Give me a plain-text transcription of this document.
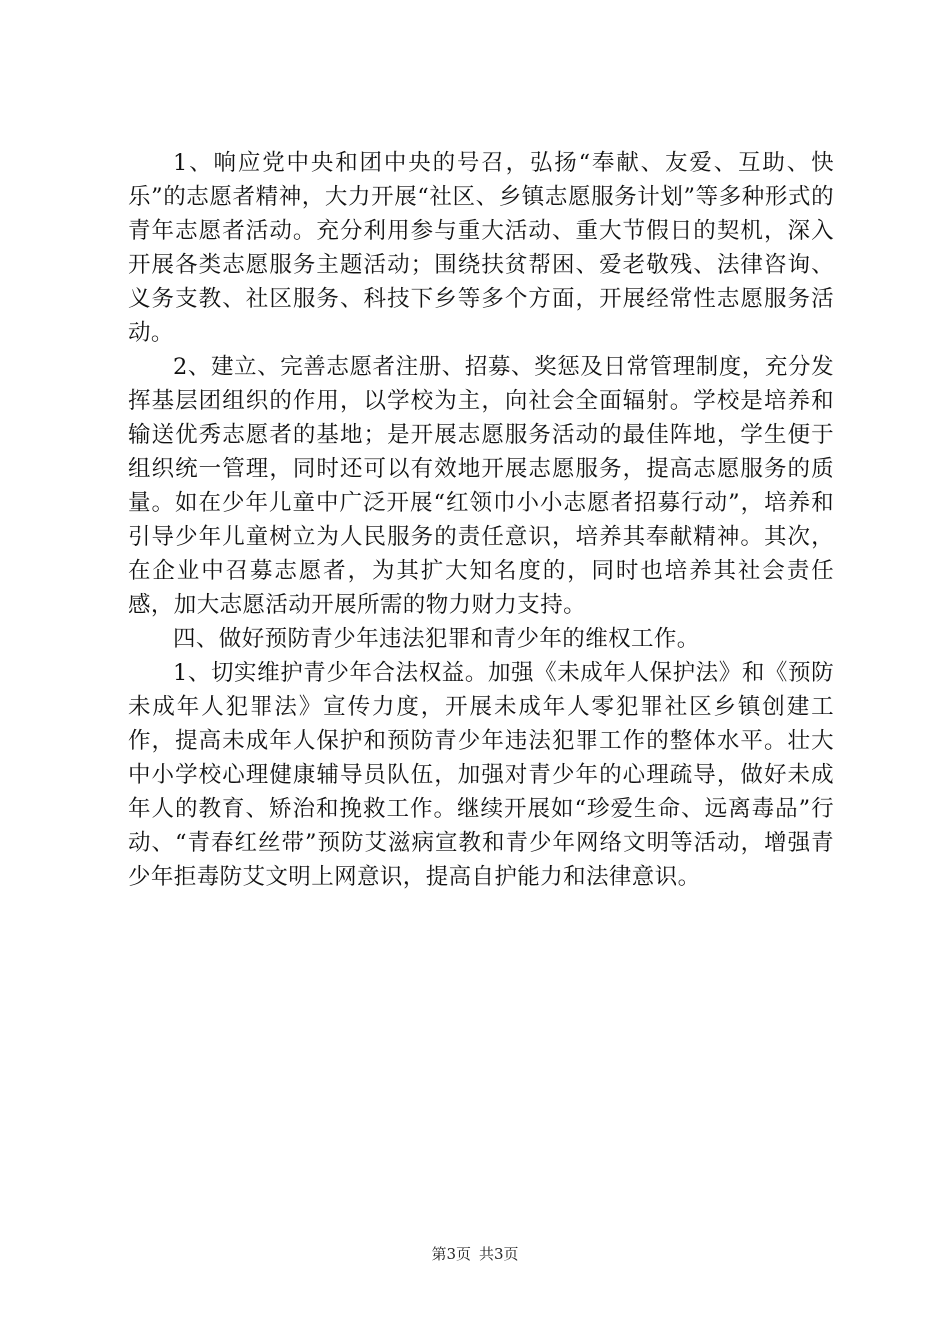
1、响应党中央和团中央的号召，弘扬“奉献、友爱、互助、快乐”的志愿者精神，大力开展“社区、乡镇志愿服务计划”等多种形式的青年志愿者活动。充分利用参与重大活动、重大节假日的契机，深入开展各类志愿服务主题活动；围绕扶贫帮困、爱老敬残、法律咨询、义务支教、社区服务、科技下乡等多个方面，开展经常性志愿服务活动。

2、建立、完善志愿者注册、招募、奖惩及日常管理制度，充分发挥基层团组织的作用，以学校为主，向社会全面辐射。学校是培养和输送优秀志愿者的基地；是开展志愿服务活动的最佳阵地，学生便于组织统一管理，同时还可以有效地开展志愿服务，提高志愿服务的质量。如在少年儿童中广泛开展“红领巾小小志愿者招募行动”，培养和引导少年儿童树立为人民服务的责任意识，培养其奉献精神。其次，在企业中召募志愿者，为其扩大知名度的，同时也培养其社会责任感，加大志愿活动开展所需的物力财力支持。

四、做好预防青少年违法犯罪和青少年的维权工作。

1、切实维护青少年合法权益。加强《未成年人保护法》和《预防未成年人犯罪法》宣传力度，开展未成年人零犯罪社区乡镇创建工作，提高未成年人保护和预防青少年违法犯罪工作的整体水平。壮大中小学校心理健康辅导员队伍，加强对青少年的心理疏导，做好未成年人的教育、矫治和挽救工作。继续开展如“珍爱生命、远离毒品”行动、“青春红丝带”预防艾滋病宣教和青少年网络文明等活动，增强青少年拒毒防艾文明上网意识，提高自护能力和法律意识。

第3页 共3页
